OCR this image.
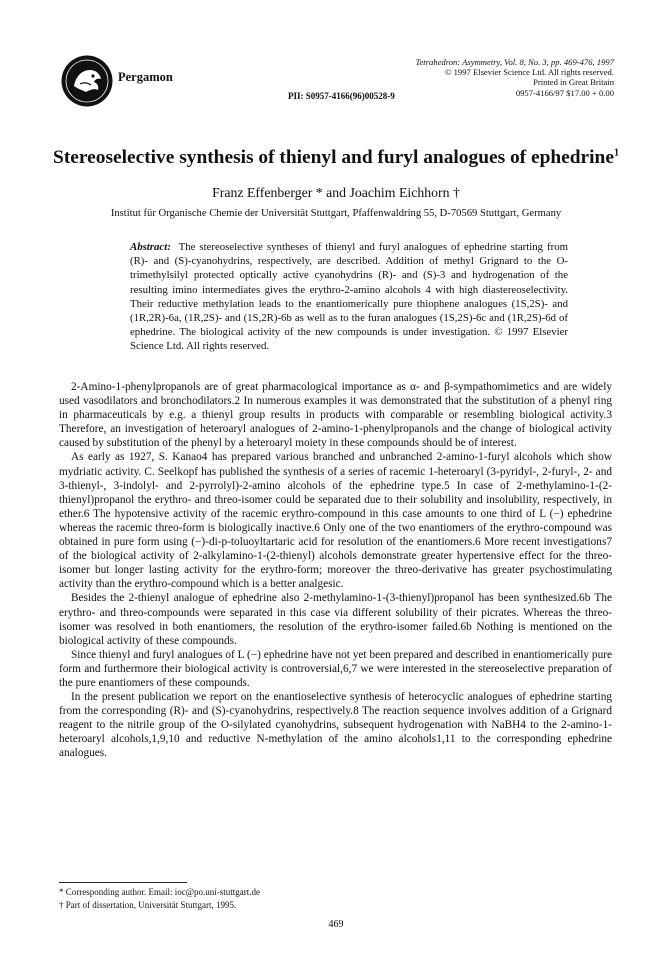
Pergamon
PII: S0957-4166(96)00528-9
Tetrahedron: Asymmetry, Vol. 8, No. 3, pp. 469-476, 1997
© 1997 Elsevier Science Ltd. All rights reserved.
Printed in Great Britain
0957-4166/97 $17.00 + 0.00
Stereoselective synthesis of thienyl and furyl analogues of ephedrine$^1$
Franz Effenberger * and Joachim Eichhorn †
Institut für Organische Chemie der Universität Stuttgart, Pfaffenwaldring 55, D-70569 Stuttgart, Germany
Abstract: The stereoselective syntheses of thienyl and furyl analogues of ephedrine starting from (R)- and (S)-cyanohydrins, respectively, are described. Addition of methyl Grignard to the O-trimethylsilyl protected optically active cyanohydrins (R)- and (S)-3 and hydrogenation of the resulting imino intermediates gives the erythro-2-amino alcohols 4 with high diastereoselectivity. Their reductive methylation leads to the enantiomerically pure thiophene analogues (1S,2S)- and (1R,2R)-6a, (1R,2S)- and (1S,2R)-6b as well as to the furan analogues (1S,2S)-6c and (1R,2S)-6d of ephedrine. The biological activity of the new compounds is under investigation. © 1997 Elsevier Science Ltd. All rights reserved.

2-Amino-1-phenylpropanols are of great pharmacological importance as α- and β-sympathomimetics and are widely used vasodilators and bronchodilators.2 In numerous examples it was demonstrated that the substitution of a phenyl ring in pharmaceuticals by e.g. a thienyl group results in products with comparable or resembling biological activity.3 Therefore, an investigation of heteroaryl analogues of 2-amino-1-phenylpropanols and the change of biological activity caused by substitution of the phenyl by a heteroaryl moiety in these compounds should be of interest.

As early as 1927, S. Kanao4 has prepared various branched and unbranched 2-amino-1-furyl alcohols which show mydriatic activity. C. Seelkopf has published the synthesis of a series of racemic 1-heteroaryl (3-pyridyl-, 2-furyl-, 2- and 3-thienyl-, 3-indolyl- and 2-pyrrolyl)-2-amino alcohols of the ephedrine type.5 In case of 2-methylamino-1-(2-thienyl)propanol the erythro- and threo-isomer could be separated due to their solubility and insolubility, respectively, in ether.6 The hypotensive activity of the racemic erythro-compound in this case amounts to one third of L (−) ephedrine whereas the racemic threo-form is biologically inactive.6 Only one of the two enantiomers of the erythro-compound was obtained in pure form using (−)-di-p-toluoyltartaric acid for resolution of the enantiomers.6 More recent investigations7 of the biological activity of 2-alkylamino-1-(2-thienyl) alcohols demonstrate greater hypertensive effect for the threo-isomer but longer lasting activity for the erythro-form; moreover the threo-derivative has greater psychostimulating activity than the erythro-compound which is a better analgesic.

Besides the 2-thienyl analogue of ephedrine also 2-methylamino-1-(3-thienyl)propanol has been synthesized.6b The erythro- and threo-compounds were separated in this case via different solubility of their picrates. Whereas the threo-isomer was resolved in both enantiomers, the resolution of the erythro-isomer failed.6b Nothing is mentioned on the biological activity of these compounds.

Since thienyl and furyl analogues of L (−) ephedrine have not yet been prepared and described in enantiomerically pure form and furthermore their biological activity is controversial,6,7 we were interested in the stereoselective preparation of the pure enantiomers of these compounds.

In the present publication we report on the enantioselective synthesis of heterocyclic analogues of ephedrine starting from the corresponding (R)- and (S)-cyanohydrins, respectively.8 The reaction sequence involves addition of a Grignard reagent to the nitrile group of the O-silylated cyanohydrins, subsequent hydrogenation with NaBH4 to the 2-amino-1-heteroaryl alcohols,1,9,10 and reductive N-methylation of the amino alcohols1,11 to the corresponding ephedrine analogues.

* Corresponding author. Email: ioc@po.uni-stuttgart.de
† Part of dissertation, Universität Stuttgart, 1995.
469
